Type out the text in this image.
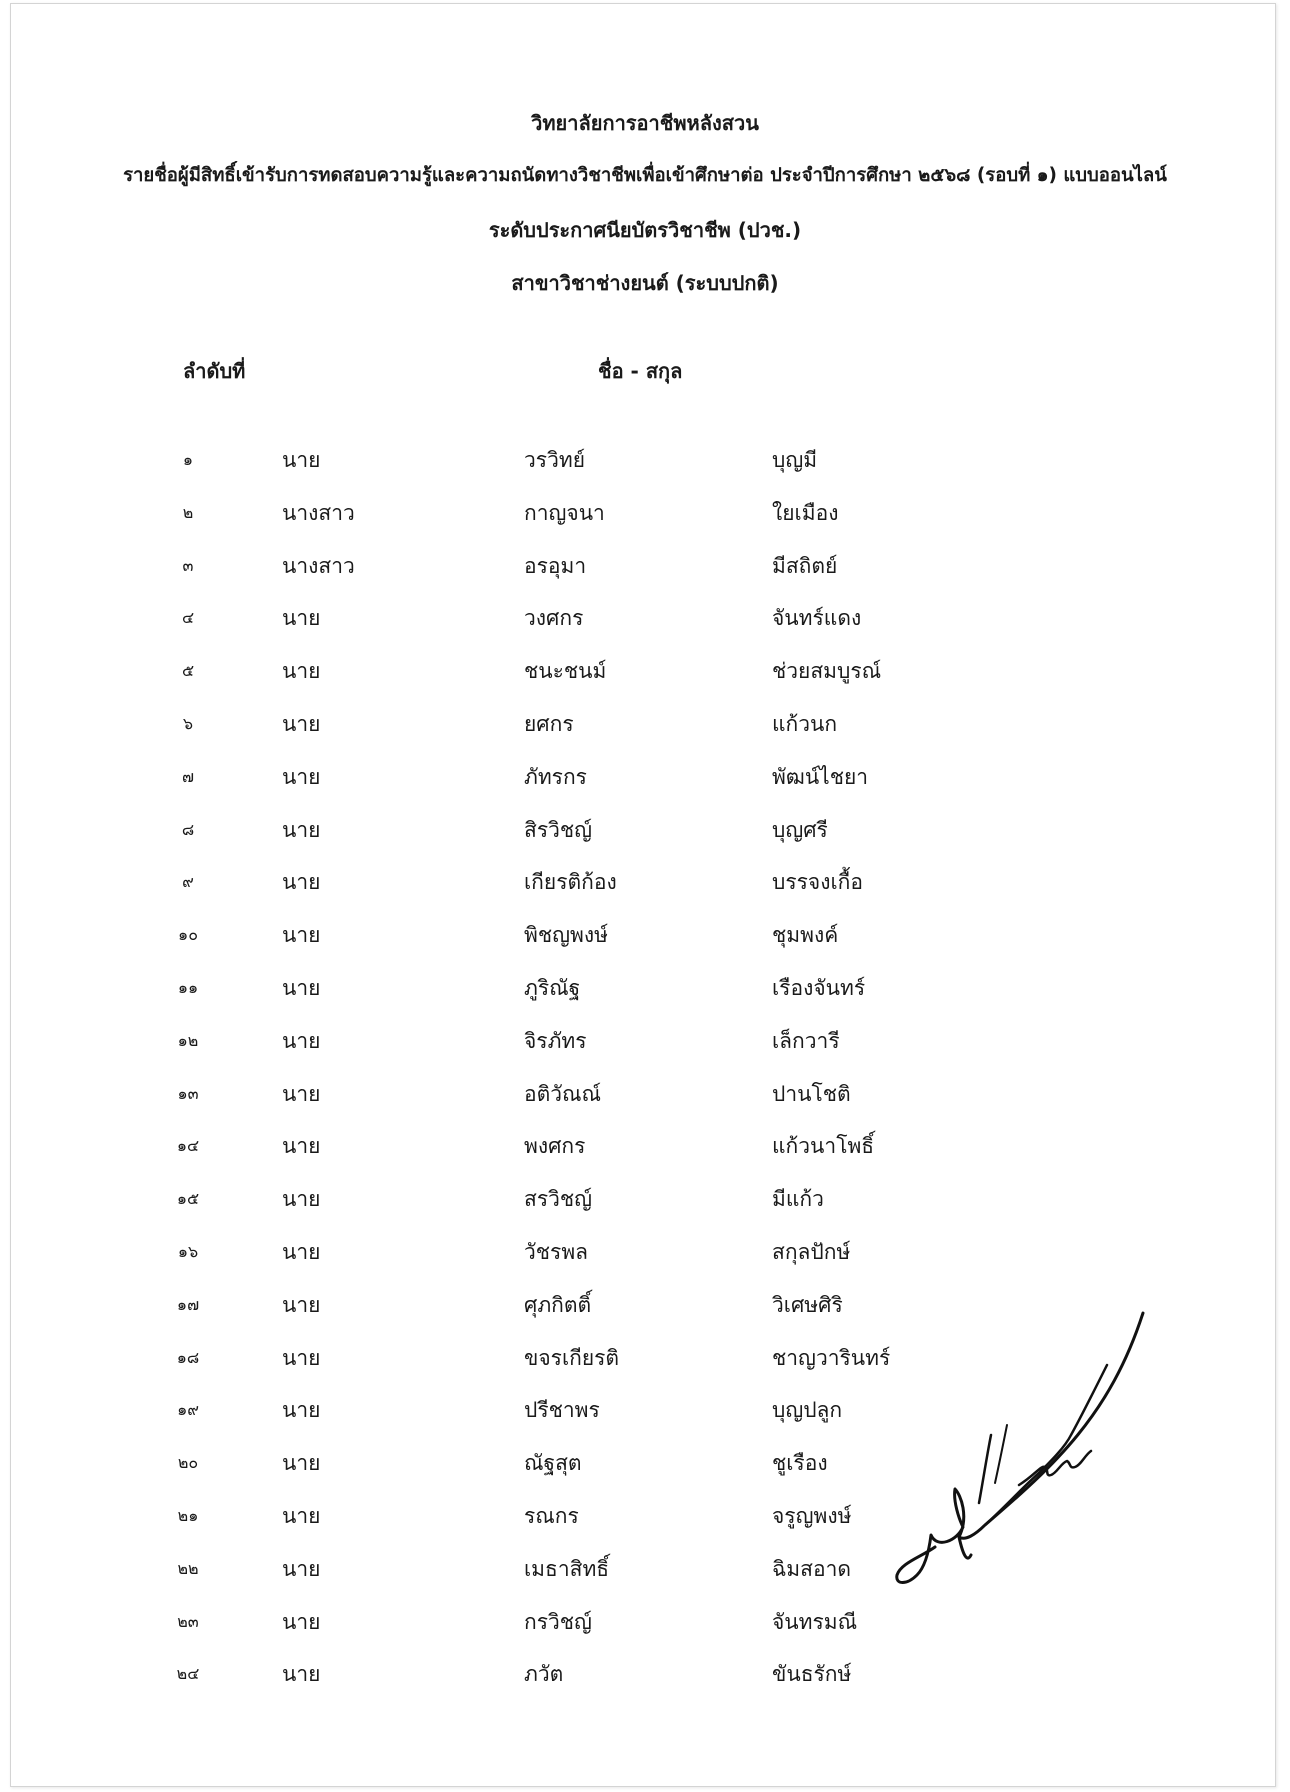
วิทยาลัยการอาชีพหลังสวน
รายชื่อผู้มีสิทธิ์เข้ารับการทดสอบความรู้และความถนัดทางวิชาชีพเพื่อเข้าศึกษาต่อ ประจำปีการศึกษา ๒๕๖๘ (รอบที่ ๑) แบบออนไลน์
ระดับประกาศนียบัตรวิชาชีพ (ปวช.)
สาขาวิชาช่างยนต์ (ระบบปกติ)
ลำดับที่	ชื่อ - สกุล
๑	นาย	วรวิทย์	บุญมี
๒	นางสาว	กาญจนา	ใยเมือง
๓	นางสาว	อรอุมา	มีสถิตย์
๔	นาย	วงศกร	จันทร์แดง
๕	นาย	ชนะชนม์	ช่วยสมบูรณ์
๖	นาย	ยศกร	แก้วนก
๗	นาย	ภัทรกร	พัฒน์ไชยา
๘	นาย	สิรวิชญ์	บุญศรี
๙	นาย	เกียรติก้อง	บรรจงเกื้อ
๑๐	นาย	พิชญพงษ์	ชุมพงค์
๑๑	นาย	ภูริณัฐ	เรืองจันทร์
๑๒	นาย	จิรภัทร	เล็กวารี
๑๓	นาย	อติวัณณ์	ปานโชติ
๑๔	นาย	พงศกร	แก้วนาโพธิ์
๑๕	นาย	สรวิชญ์	มีแก้ว
๑๖	นาย	วัชรพล	สกุลปักษ์
๑๗	นาย	ศุภกิตติ์	วิเศษศิริ
๑๘	นาย	ขจรเกียรติ	ชาญวารินทร์
๑๙	นาย	ปรีชาพร	บุญปลูก
๒๐	นาย	ณัฐสุต	ชูเรือง
๒๑	นาย	รณกร	จรูญพงษ์
๒๒	นาย	เมธาสิทธิ์	ฉิมสอาด
๒๓	นาย	กรวิชญ์	จันทรมณี
๒๔	นาย	ภวัต	ขันธรักษ์
